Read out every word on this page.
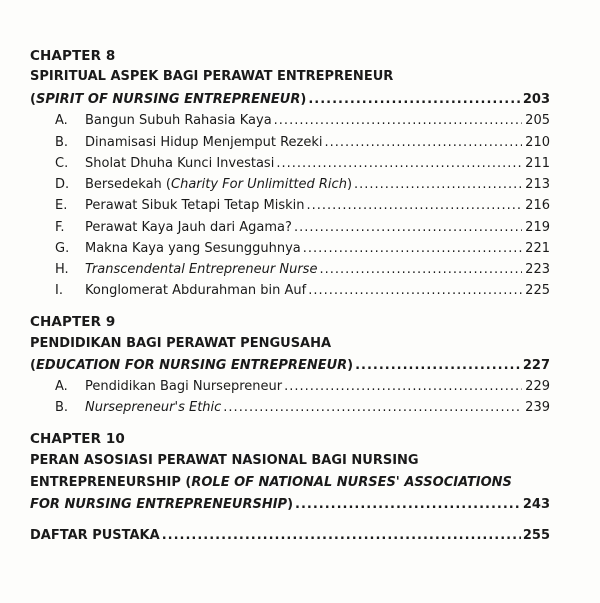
CHAPTER 8
SPIRITUAL ASPEK BAGI PERAWAT ENTREPRENEUR
(SPIRIT OF NURSING ENTREPRENEUR) .....	203
A.	Bangun Subuh Rahasia Kaya .....	205
B.	Dinamisasi Hidup Menjemput Rezeki .....	210
C.	Sholat Dhuha Kunci Investasi .....	211
D.	Bersedekah (Charity For Unlimitted Rich) .....	213
E.	Perawat Sibuk Tetapi Tetap Miskin .....	216
F.	Perawat Kaya Jauh dari Agama? .....	219
G.	Makna Kaya yang Sesungguhnya .....	221
H.	Transcendental Entrepreneur Nurse .....	223
I.	Konglomerat Abdurahman bin Auf .....	225
CHAPTER 9
PENDIDIKAN BAGI PERAWAT PENGUSAHA
(EDUCATION FOR NURSING ENTREPRENEUR) .....	227
A.	Pendidikan Bagi Nursepreneur .....	229
B.	Nursepreneur's Ethic .....	239
CHAPTER 10
PERAN ASOSIASI PERAWAT NASIONAL BAGI NURSING
ENTREPRENEURSHIP ( ROLE OF NATIONAL NURSES' ASSOCIATIONS
FOR NURSING ENTREPRENEURSHIP) .....	243
DAFTAR PUSTAKA .....	255
